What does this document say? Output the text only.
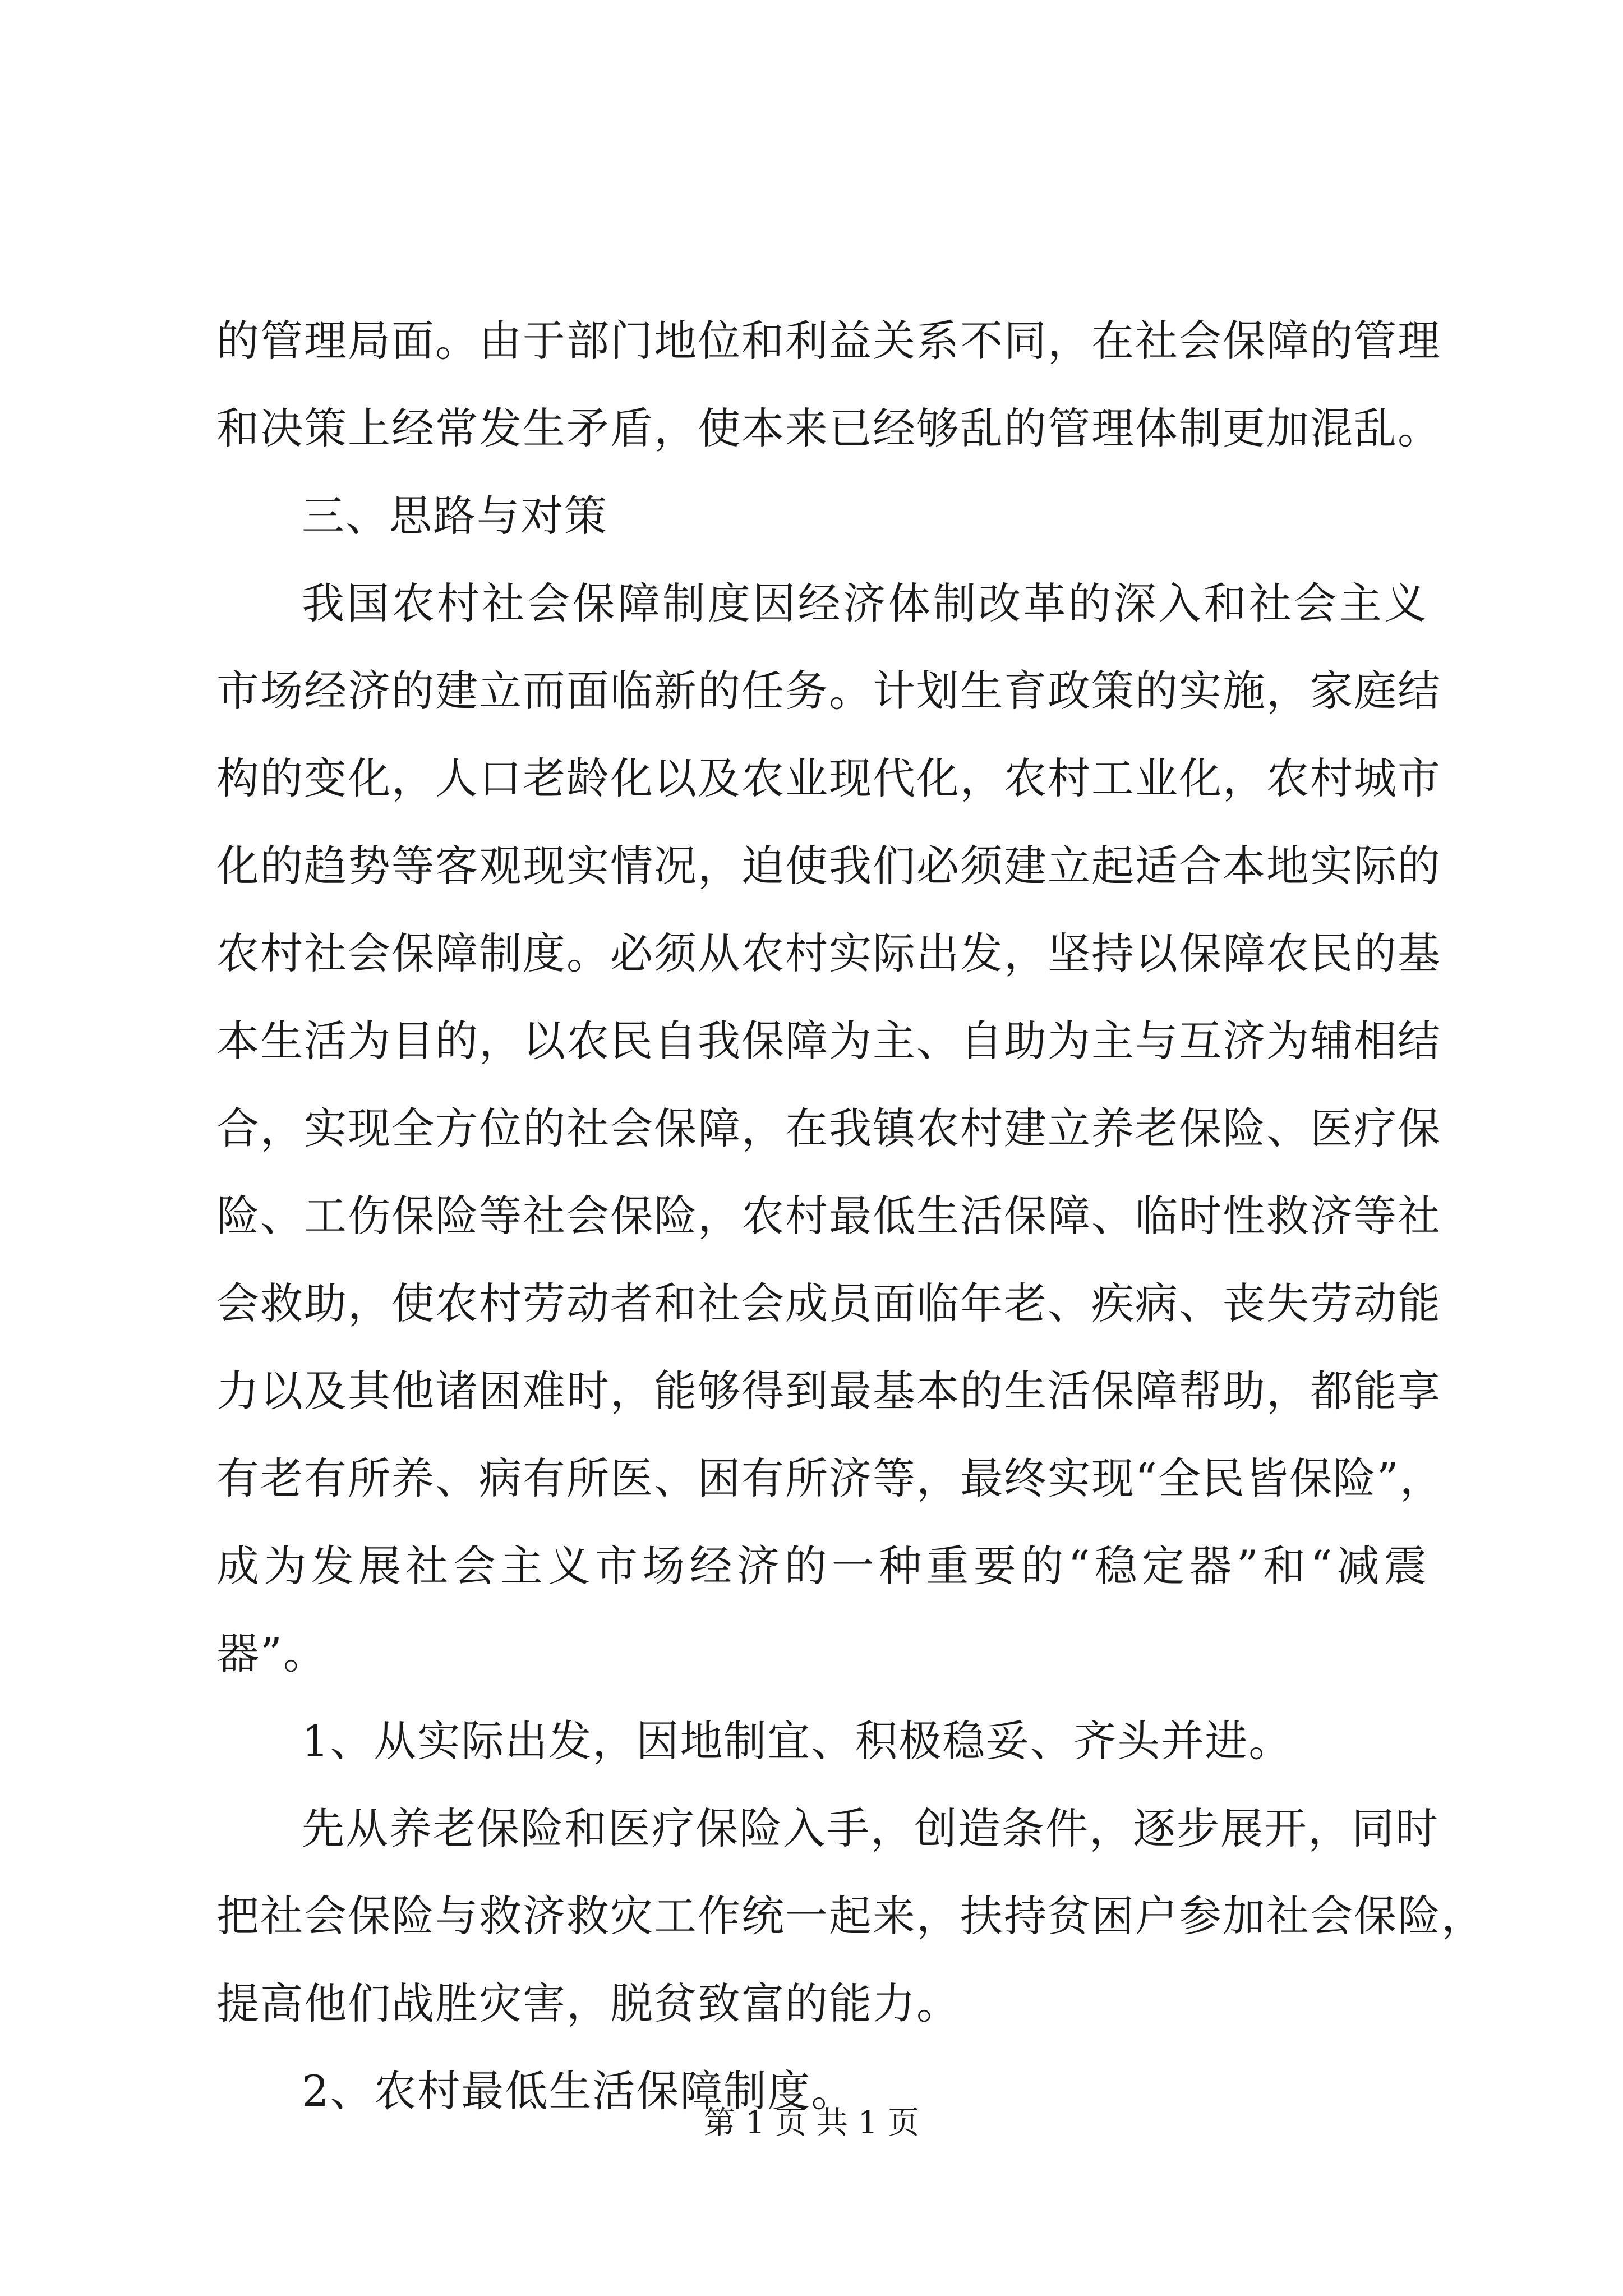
的管理局面。由于部门地位和利益关系不同，在社会保障的管理
和决策上经常发生矛盾，使本来已经够乱的管理体制更加混乱。
三、思路与对策
我国农村社会保障制度因经济体制改革的深入和社会主义
市场经济的建立而面临新的任务。计划生育政策的实施，家庭结
构的变化，人口老龄化以及农业现代化，农村工业化，农村城市
化的趋势等客观现实情况，迫使我们必须建立起适合本地实际的
农村社会保障制度。必须从农村实际出发，坚持以保障农民的基
本生活为目的，以农民自我保障为主、自助为主与互济为辅相结
合，实现全方位的社会保障，在我镇农村建立养老保险、医疗保
险、工伤保险等社会保险，农村最低生活保障、临时性救济等社
会救助，使农村劳动者和社会成员面临年老、疾病、丧失劳动能
力以及其他诸困难时，能够得到最基本的生活保障帮助，都能享
有老有所养、病有所医、困有所济等，最终实现“全民皆保险”，
成为发展社会主义市场经济的一种重要的“稳定器”和“减震
器”。
1、从实际出发，因地制宜、积极稳妥、齐头并进。
先从养老保险和医疗保险入手，创造条件，逐步展开，同时
把社会保险与救济救灾工作统一起来，扶持贫困户参加社会保险，
提高他们战胜灾害，脱贫致富的能力。
2、农村最低生活保障制度。
第 1 页 共 1 页
